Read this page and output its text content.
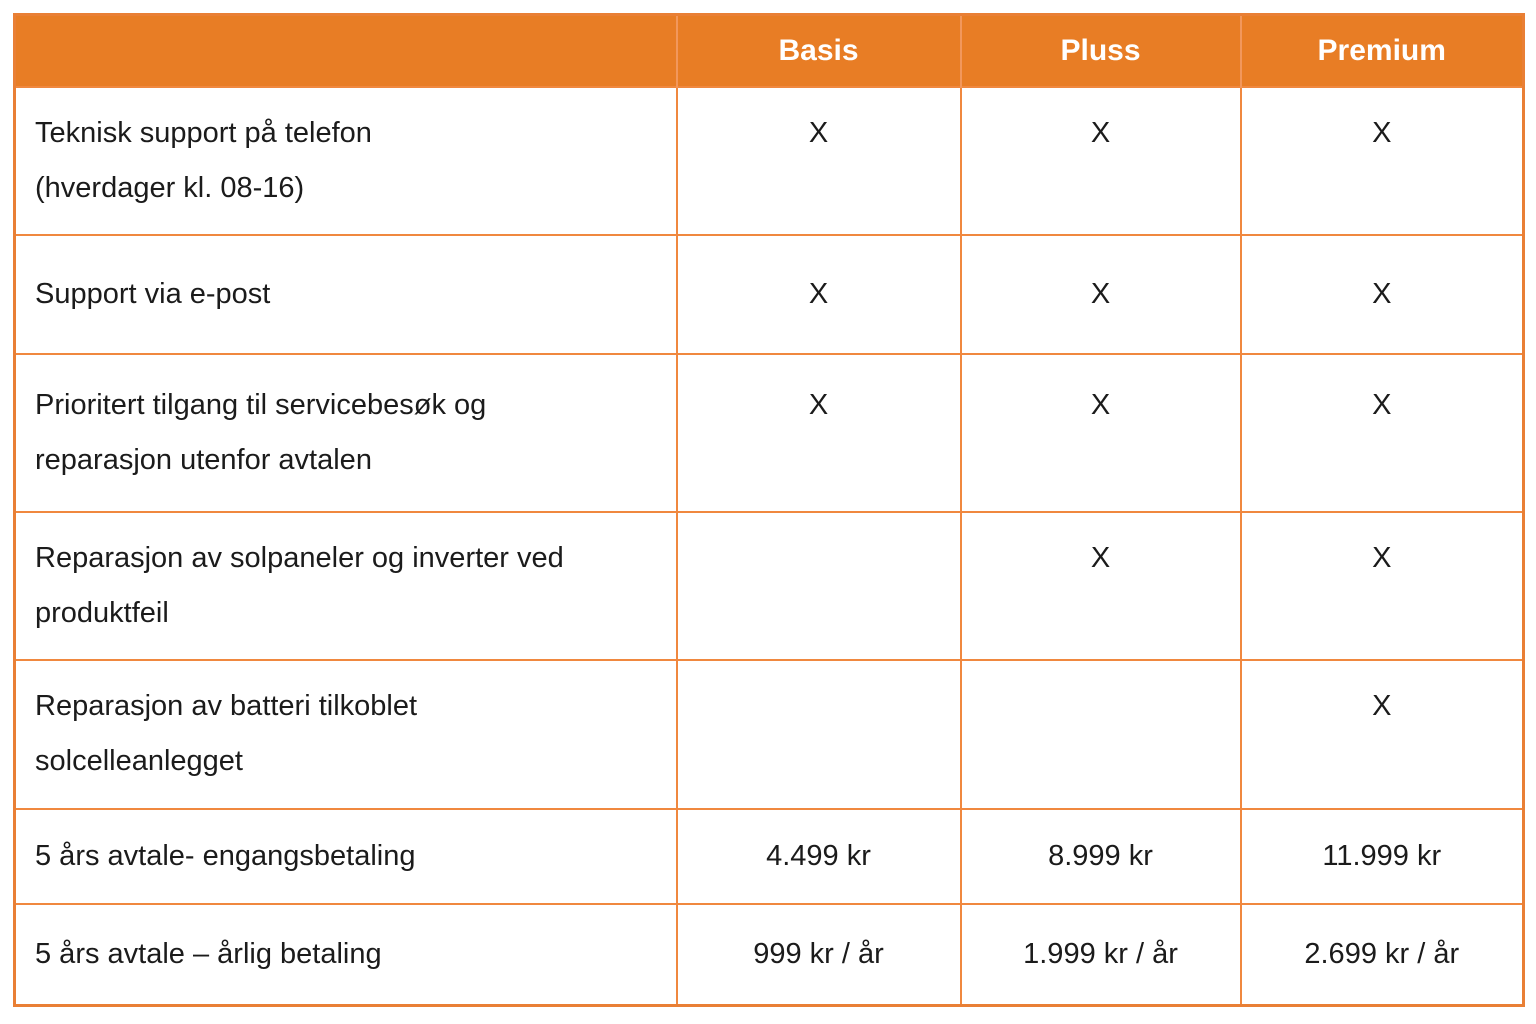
	Basis	Pluss	Premium
Teknisk support på telefon
(hverdager kl. 08-16)	X	X	X

Support via e-post	X	X	X
Prioritert tilgang til servicebesøk og
reparasjon utenfor avtalen	X	X	X

Reparasjon av solpaneler og inverter ved
produktfeil		X	X

Reparasjon av batteri tilkoblet
solcelleanlegget			X

5 års avtale- engangsbetaling	4.499 kr	8.999 kr	11.999 kr
5 års avtale – årlig betaling	999 kr / år	1.999 kr / år	2.699 kr / år
